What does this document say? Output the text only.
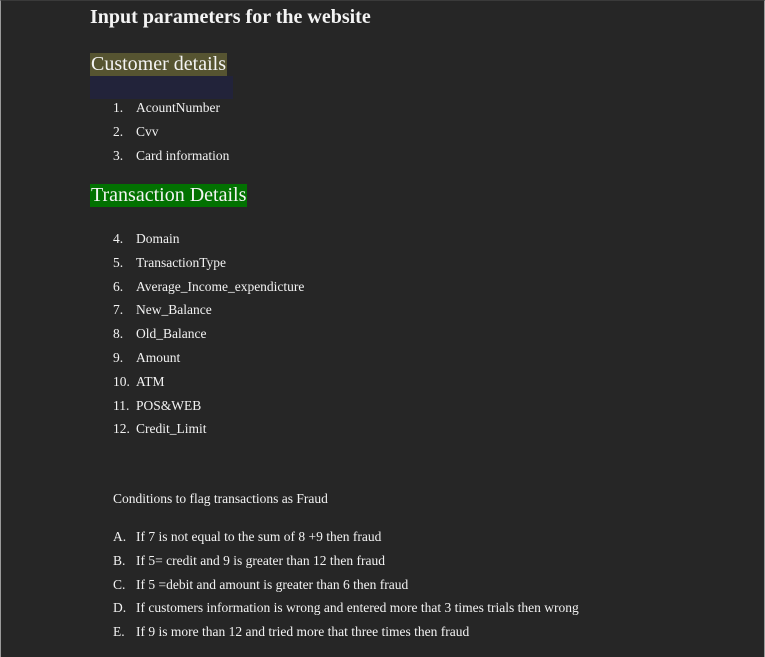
Input parameters for the website
Customer details
1. AcountNumber
2. Cvv
3. Card information
Transaction Details
4. Domain
5. TransactionType
6. Average_Income_expendicture
7. New_Balance
8. Old_Balance
9. Amount
10. ATM
11. POS&WEB
12. Credit_Limit
Conditions to flag transactions as Fraud
A. If 7 is not equal to the sum of 8 +9 then fraud
B. If 5= credit and 9 is greater than 12 then fraud
C. If 5 =debit and amount is greater than 6 then fraud
D. If customers information is wrong and entered more that 3 times trials then wrong
E. If 9 is more than 12 and tried more that three times then fraud
